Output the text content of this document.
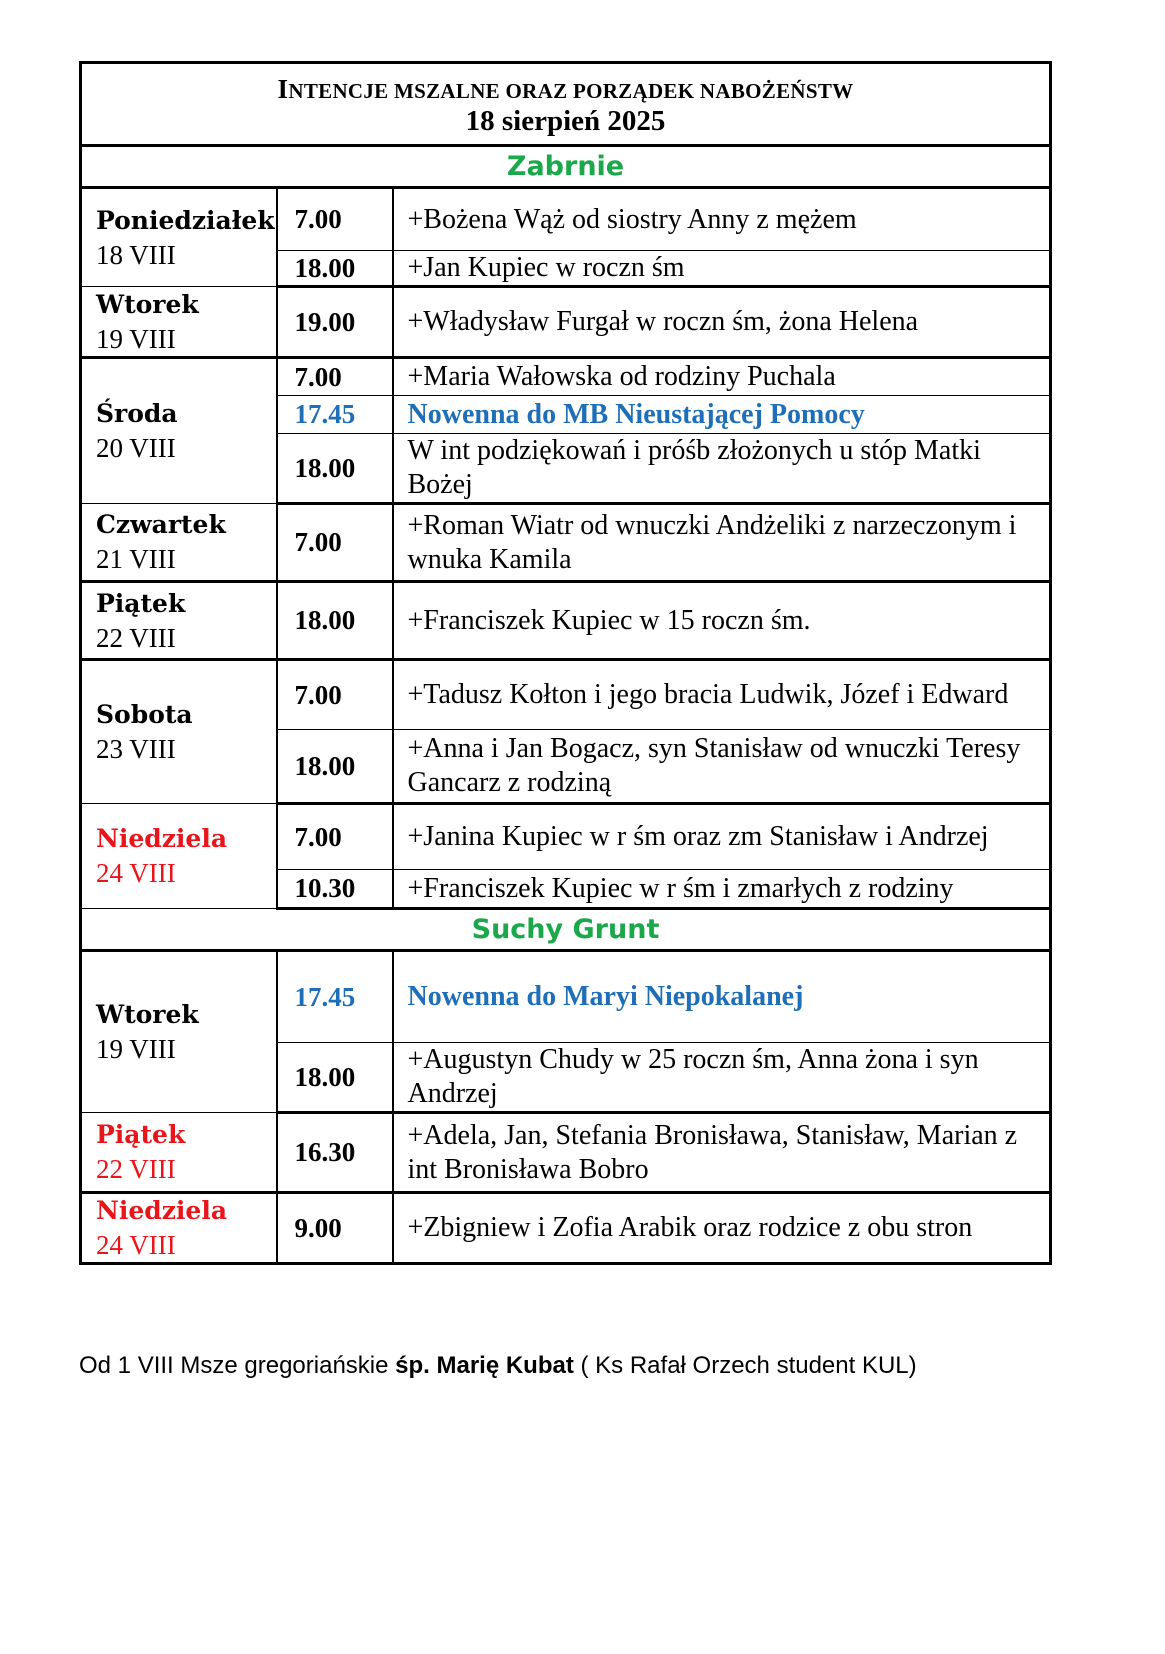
INTENCJE MSZALNE ORAZ PORZĄDEK NABOŻEŃSTW
18 sierpień 2025		

Zabrnie		

Poniedziałek
18 VIII	7.00	+Bożena Wąż od siostry Anny z mężem
	18.00	+Jan Kupiec w roczn śm

Wtorek
19 VIII	19.00	+Władysław Furgał w roczn śm, żona Helena

Środa
20 VIII	7.00	+Maria Wałowska od rodziny Puchala
	17.45	Nowenna do MB Nieustającej Pomocy
	18.00	W int podziękowań i próśb złożonych u stóp Matki Bożej

Czwartek
21 VIII	7.00	+Roman Wiatr od wnuczki Andżeliki z narzeczonym i wnuka Kamila

Piątek
22 VIII	18.00	+Franciszek Kupiec w 15 roczn śm.

Sobota
23 VIII	7.00	+Tadusz Kołton i jego bracia Ludwik, Józef i Edward
	18.00	+Anna i Jan Bogacz, syn Stanisław od wnuczki Teresy Gancarz z rodziną

Niedziela
24 VIII	7.00	+Janina Kupiec w r śm oraz zm Stanisław i Andrzej
	10.30	+Franciszek Kupiec w r śm i zmarłych z rodziny
Suchy Grunt		

Wtorek
19 VIII	17.45	Nowenna do Maryi Niepokalanej
	18.00	+Augustyn Chudy w 25 roczn śm, Anna żona i syn Andrzej

Piątek
22 VIII	16.30	+Adela, Jan, Stefania Bronisława, Stanisław, Marian z int Bronisława Bobro

Niedziela
24 VIII	9.00	+Zbigniew i Zofia Arabik oraz rodzice z obu stron
Od 1 VIII Msze gregoriańskie śp. Marię Kubat ( Ks Rafał Orzech student KUL)
